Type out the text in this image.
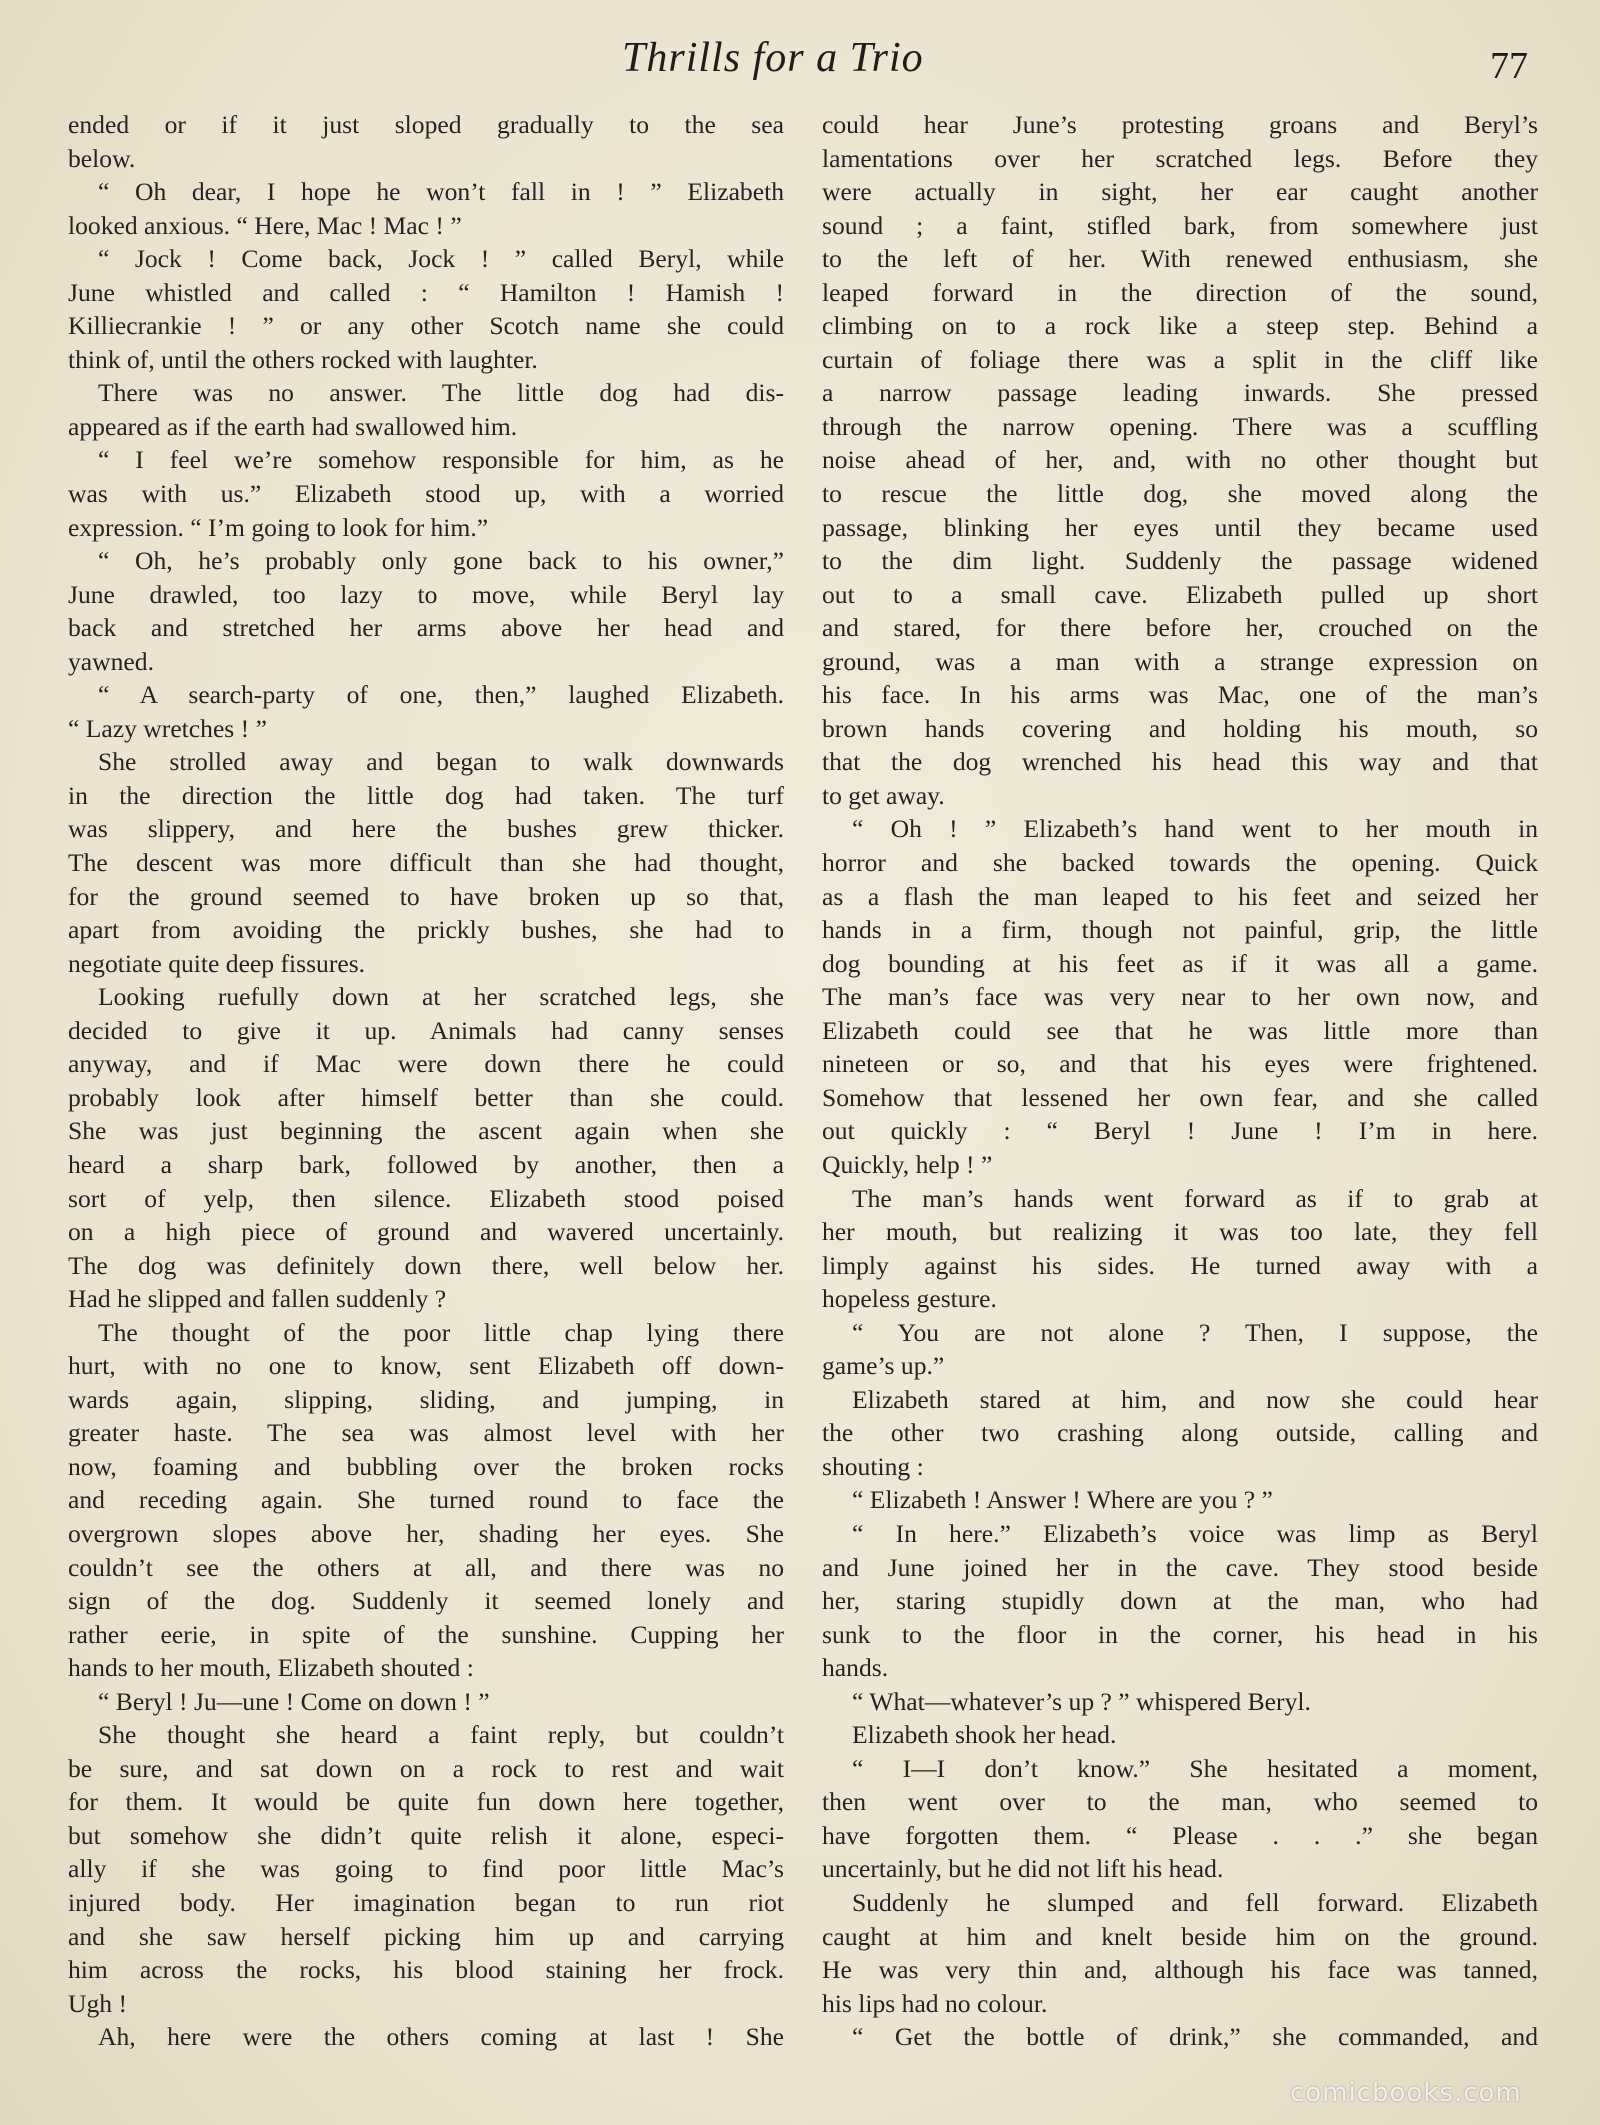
Thrills for a Trio	77
ended or if it just sloped gradually to the sea
below.
“ Oh dear, I hope he won’t fall in ! ” Elizabeth
looked anxious. “ Here, Mac ! Mac ! ”
“ Jock ! Come back, Jock ! ” called Beryl, while
June whistled and called : “ Hamilton ! Hamish !
Killiecrankie ! ” or any other Scotch name she could
think of, until the others rocked with laughter.
There was no answer. The little dog had dis-
appeared as if the earth had swallowed him.
“ I feel we’re somehow responsible for him, as he
was with us.” Elizabeth stood up, with a worried
expression. “ I’m going to look for him.”
“ Oh, he’s probably only gone back to his owner,”
June drawled, too lazy to move, while Beryl lay
back and stretched her arms above her head and
yawned.
“ A search-party of one, then,” laughed Elizabeth.
“ Lazy wretches ! ”
She strolled away and began to walk downwards
in the direction the little dog had taken. The turf
was slippery, and here the bushes grew thicker.
The descent was more difficult than she had thought,
for the ground seemed to have broken up so that,
apart from avoiding the prickly bushes, she had to
negotiate quite deep fissures.
Looking ruefully down at her scratched legs, she
decided to give it up. Animals had canny senses
anyway, and if Mac were down there he could
probably look after himself better than she could.
She was just beginning the ascent again when she
heard a sharp bark, followed by another, then a
sort of yelp, then silence. Elizabeth stood poised
on a high piece of ground and wavered uncertainly.
The dog was definitely down there, well below her.
Had he slipped and fallen suddenly ?
The thought of the poor little chap lying there
hurt, with no one to know, sent Elizabeth off down-
wards again, slipping, sliding, and jumping, in
greater haste. The sea was almost level with her
now, foaming and bubbling over the broken rocks
and receding again. She turned round to face the
overgrown slopes above her, shading her eyes. She
couldn’t see the others at all, and there was no
sign of the dog. Suddenly it seemed lonely and
rather eerie, in spite of the sunshine. Cupping her
hands to her mouth, Elizabeth shouted :
“ Beryl ! Ju—une ! Come on down ! ”
She thought she heard a faint reply, but couldn’t
be sure, and sat down on a rock to rest and wait
for them. It would be quite fun down here together,
but somehow she didn’t quite relish it alone, especi-
ally if she was going to find poor little Mac’s
injured body. Her imagination began to run riot
and she saw herself picking him up and carrying
him across the rocks, his blood staining her frock.
Ugh !
Ah, here were the others coming at last ! She
could hear June’s protesting groans and Beryl’s
lamentations over her scratched legs. Before they
were actually in sight, her ear caught another
sound ; a faint, stifled bark, from somewhere just
to the left of her. With renewed enthusiasm, she
leaped forward in the direction of the sound,
climbing on to a rock like a steep step. Behind a
curtain of foliage there was a split in the cliff like
a narrow passage leading inwards. She pressed
through the narrow opening. There was a scuffling
noise ahead of her, and, with no other thought but
to rescue the little dog, she moved along the
passage, blinking her eyes until they became used
to the dim light. Suddenly the passage widened
out to a small cave. Elizabeth pulled up short
and stared, for there before her, crouched on the
ground, was a man with a strange expression on
his face. In his arms was Mac, one of the man’s
brown hands covering and holding his mouth, so
that the dog wrenched his head this way and that
to get away.
“ Oh ! ” Elizabeth’s hand went to her mouth in
horror and she backed towards the opening. Quick
as a flash the man leaped to his feet and seized her
hands in a firm, though not painful, grip, the little
dog bounding at his feet as if it was all a game.
The man’s face was very near to her own now, and
Elizabeth could see that he was little more than
nineteen or so, and that his eyes were frightened.
Somehow that lessened her own fear, and she called
out quickly : “ Beryl ! June ! I’m in here.
Quickly, help ! ”
The man’s hands went forward as if to grab at
her mouth, but realizing it was too late, they fell
limply against his sides. He turned away with a
hopeless gesture.
“ You are not alone ? Then, I suppose, the
game’s up.”
Elizabeth stared at him, and now she could hear
the other two crashing along outside, calling and
shouting :
“ Elizabeth ! Answer ! Where are you ? ”
“ In here.” Elizabeth’s voice was limp as Beryl
and June joined her in the cave. They stood beside
her, staring stupidly down at the man, who had
sunk to the floor in the corner, his head in his
hands.
“ What—whatever’s up ? ” whispered Beryl.
Elizabeth shook her head.
“ I—I don’t know.” She hesitated a moment,
then went over to the man, who seemed to
have forgotten them. “ Please . . .” she began
uncertainly, but he did not lift his head.
Suddenly he slumped and fell forward. Elizabeth
caught at him and knelt beside him on the ground.
He was very thin and, although his face was tanned,
his lips had no colour.
“ Get the bottle of drink,” she commanded, and
comicbooks.com
